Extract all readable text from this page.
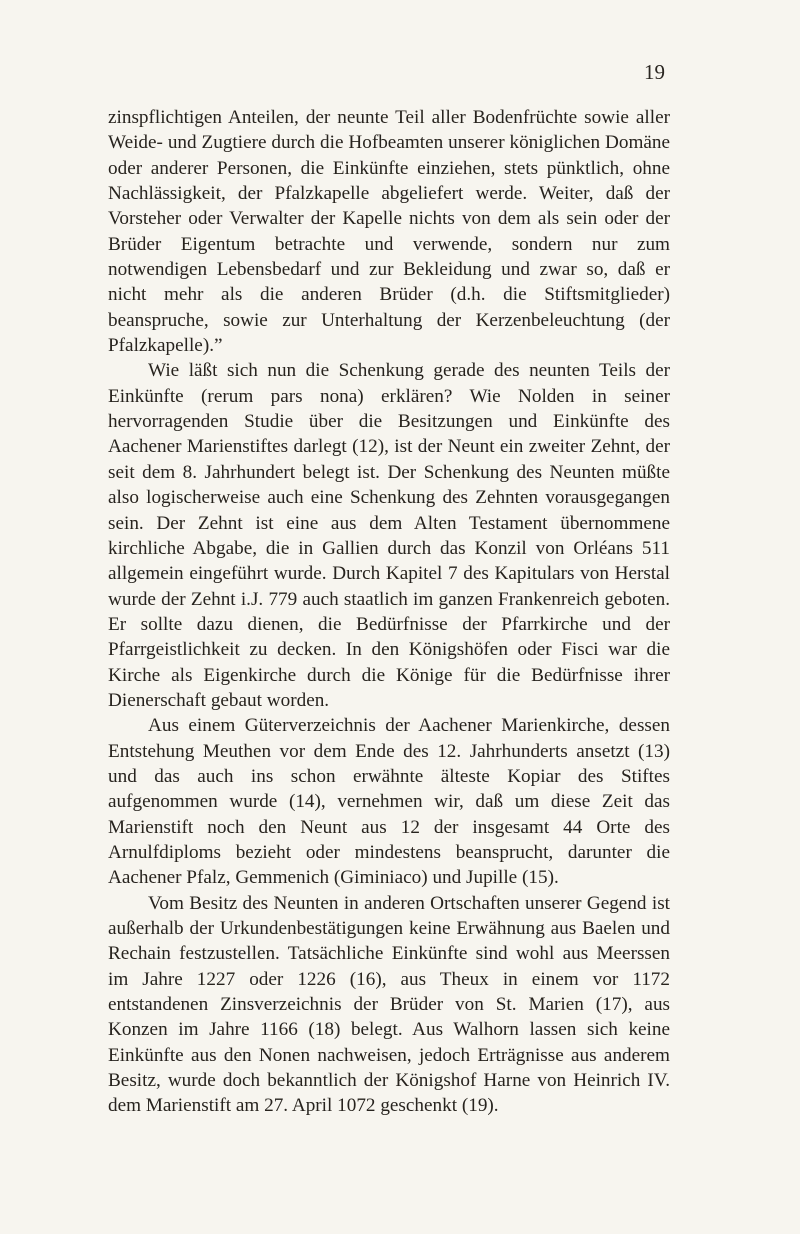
19

zinspflichtigen Anteilen, der neunte Teil aller Bodenfrüchte sowie aller Weide- und Zugtiere durch die Hofbeamten unserer königlichen Domäne oder anderer Personen, die Einkünfte einziehen, stets pünktlich, ohne Nachlässigkeit, der Pfalzkapelle abgeliefert werde. Weiter, daß der Vorsteher oder Verwalter der Kapelle nichts von dem als sein oder der Brüder Eigentum betrachte und verwende, sondern nur zum notwendigen Lebensbedarf und zur Bekleidung und zwar so, daß er nicht mehr als die anderen Brüder (d.h. die Stiftsmitglieder) beanspruche, sowie zur Unterhaltung der Kerzenbeleuchtung (der Pfalzkapelle).”

Wie läßt sich nun die Schenkung gerade des neunten Teils der Einkünfte (rerum pars nona) erklären? Wie Nolden in seiner hervorragenden Studie über die Besitzungen und Einkünfte des Aachener Marienstiftes darlegt (12), ist der Neunt ein zweiter Zehnt, der seit dem 8. Jahrhundert belegt ist. Der Schenkung des Neunten müßte also logischerweise auch eine Schenkung des Zehnten vorausgegangen sein. Der Zehnt ist eine aus dem Alten Testament übernommene kirchliche Abgabe, die in Gallien durch das Konzil von Orléans 511 allgemein eingeführt wurde. Durch Kapitel 7 des Kapitulars von Herstal wurde der Zehnt i.J. 779 auch staatlich im ganzen Frankenreich geboten. Er sollte dazu dienen, die Bedürfnisse der Pfarrkirche und der Pfarrgeistlichkeit zu decken. In den Königshöfen oder Fisci war die Kirche als Eigenkirche durch die Könige für die Bedürfnisse ihrer Dienerschaft gebaut worden.

Aus einem Güterverzeichnis der Aachener Marienkirche, dessen Entstehung Meuthen vor dem Ende des 12. Jahrhunderts ansetzt (13) und das auch ins schon erwähnte älteste Kopiar des Stiftes aufgenommen wurde (14), vernehmen wir, daß um diese Zeit das Marienstift noch den Neunt aus 12 der insgesamt 44 Orte des Arnulfdiploms bezieht oder mindestens beansprucht, darunter die Aachener Pfalz, Gemmenich (Giminiaco) und Jupille (15).

Vom Besitz des Neunten in anderen Ortschaften unserer Gegend ist außerhalb der Urkundenbestätigungen keine Erwähnung aus Baelen und Rechain festzustellen. Tatsächliche Einkünfte sind wohl aus Meerssen im Jahre 1227 oder 1226 (16), aus Theux in einem vor 1172 entstandenen Zinsverzeichnis der Brüder von St. Marien (17), aus Konzen im Jahre 1166 (18) belegt. Aus Walhorn lassen sich keine Einkünfte aus den Nonen nachweisen, jedoch Erträgnisse aus anderem Besitz, wurde doch bekanntlich der Königshof Harne von Heinrich IV. dem Marienstift am 27. April 1072 geschenkt (19).
